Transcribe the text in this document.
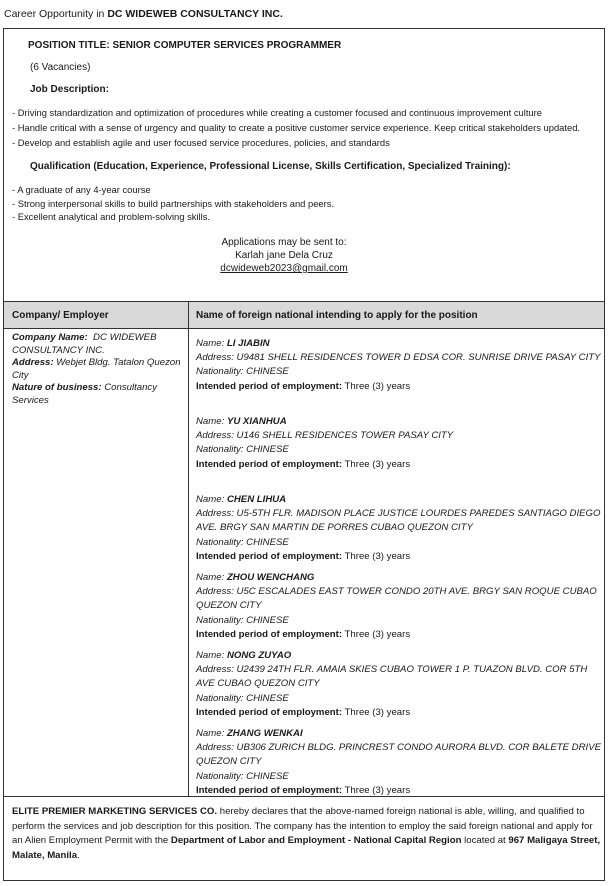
Career Opportunity in DC WIDEWEB CONSULTANCY INC.
POSITION TITLE: SENIOR COMPUTER SERVICES PROGRAMMER
(6 Vacancies)
Job Description:
- Driving standardization and optimization of procedures while creating a customer focused and continuous improvement culture
- Handle critical with a sense of urgency and quality to create a positive customer service experience. Keep critical stakeholders updated.
- Develop and establish agile and user focused service procedures, policies, and standards
Qualification (Education, Experience, Professional License, Skills Certification, Specialized Training):
- A graduate of any 4-year course
- Strong interpersonal skills to build partnerships with stakeholders and peers.
- Excellent analytical and problem-solving skills.
Applications may be sent to:
Karlah jane Dela Cruz
dcwideweb2023@gmail.com
Company/ Employer	Name of foreign national intending to apply for the position
Company Name: DC WIDEWEB CONSULTANCY INC.
Address: Webjet Bldg. Tatalon Quezon City
Nature of business: Consultancy Services
Name: LI JIABIN
Address: U9481 SHELL RESIDENCES TOWER D EDSA COR. SUNRISE DRIVE PASAY CITY
Nationality: CHINESE
Intended period of employment: Three (3) years
Name: YU XIANHUA
Address: U146 SHELL RESIDENCES TOWER PASAY CITY
Nationality: CHINESE
Intended period of employment: Three (3) years
Name: CHEN LIHUA
Address: U5-5TH FLR. MADISON PLACE JUSTICE LOURDES PAREDES SANTIAGO DIEGO AVE. BRGY SAN MARTIN DE PORRES CUBAO QUEZON CITY
Nationality: CHINESE
Intended period of employment: Three (3) years
Name: ZHOU WENCHANG
Address: U5C ESCALADES EAST TOWER CONDO 20TH AVE. BRGY SAN ROQUE CUBAO QUEZON CITY
Nationality: CHINESE
Intended period of employment: Three (3) years
Name: NONG ZUYAO
Address: U2439 24TH FLR. AMAIA SKIES CUBAO TOWER 1 P. TUAZON BLVD. COR 5TH AVE CUBAO QUEZON CITY
Nationality: CHINESE
Intended period of employment: Three (3) years
Name: ZHANG WENKAI
Address: UB306 ZURICH BLDG. PRINCREST CONDO AURORA BLVD. COR BALETE DRIVE QUEZON CITY
Nationality: CHINESE
Intended period of employment: Three (3) years
ELITE PREMIER MARKETING SERVICES CO. hereby declares that the above-named foreign national is able, willing, and qualified to perform the services and job description for this position. The company has the intention to employ the said foreign national and apply for an Alien Employment Permit with the Department of Labor and Employment - National Capital Region located at 967 Maligaya Street, Malate, Manila.
